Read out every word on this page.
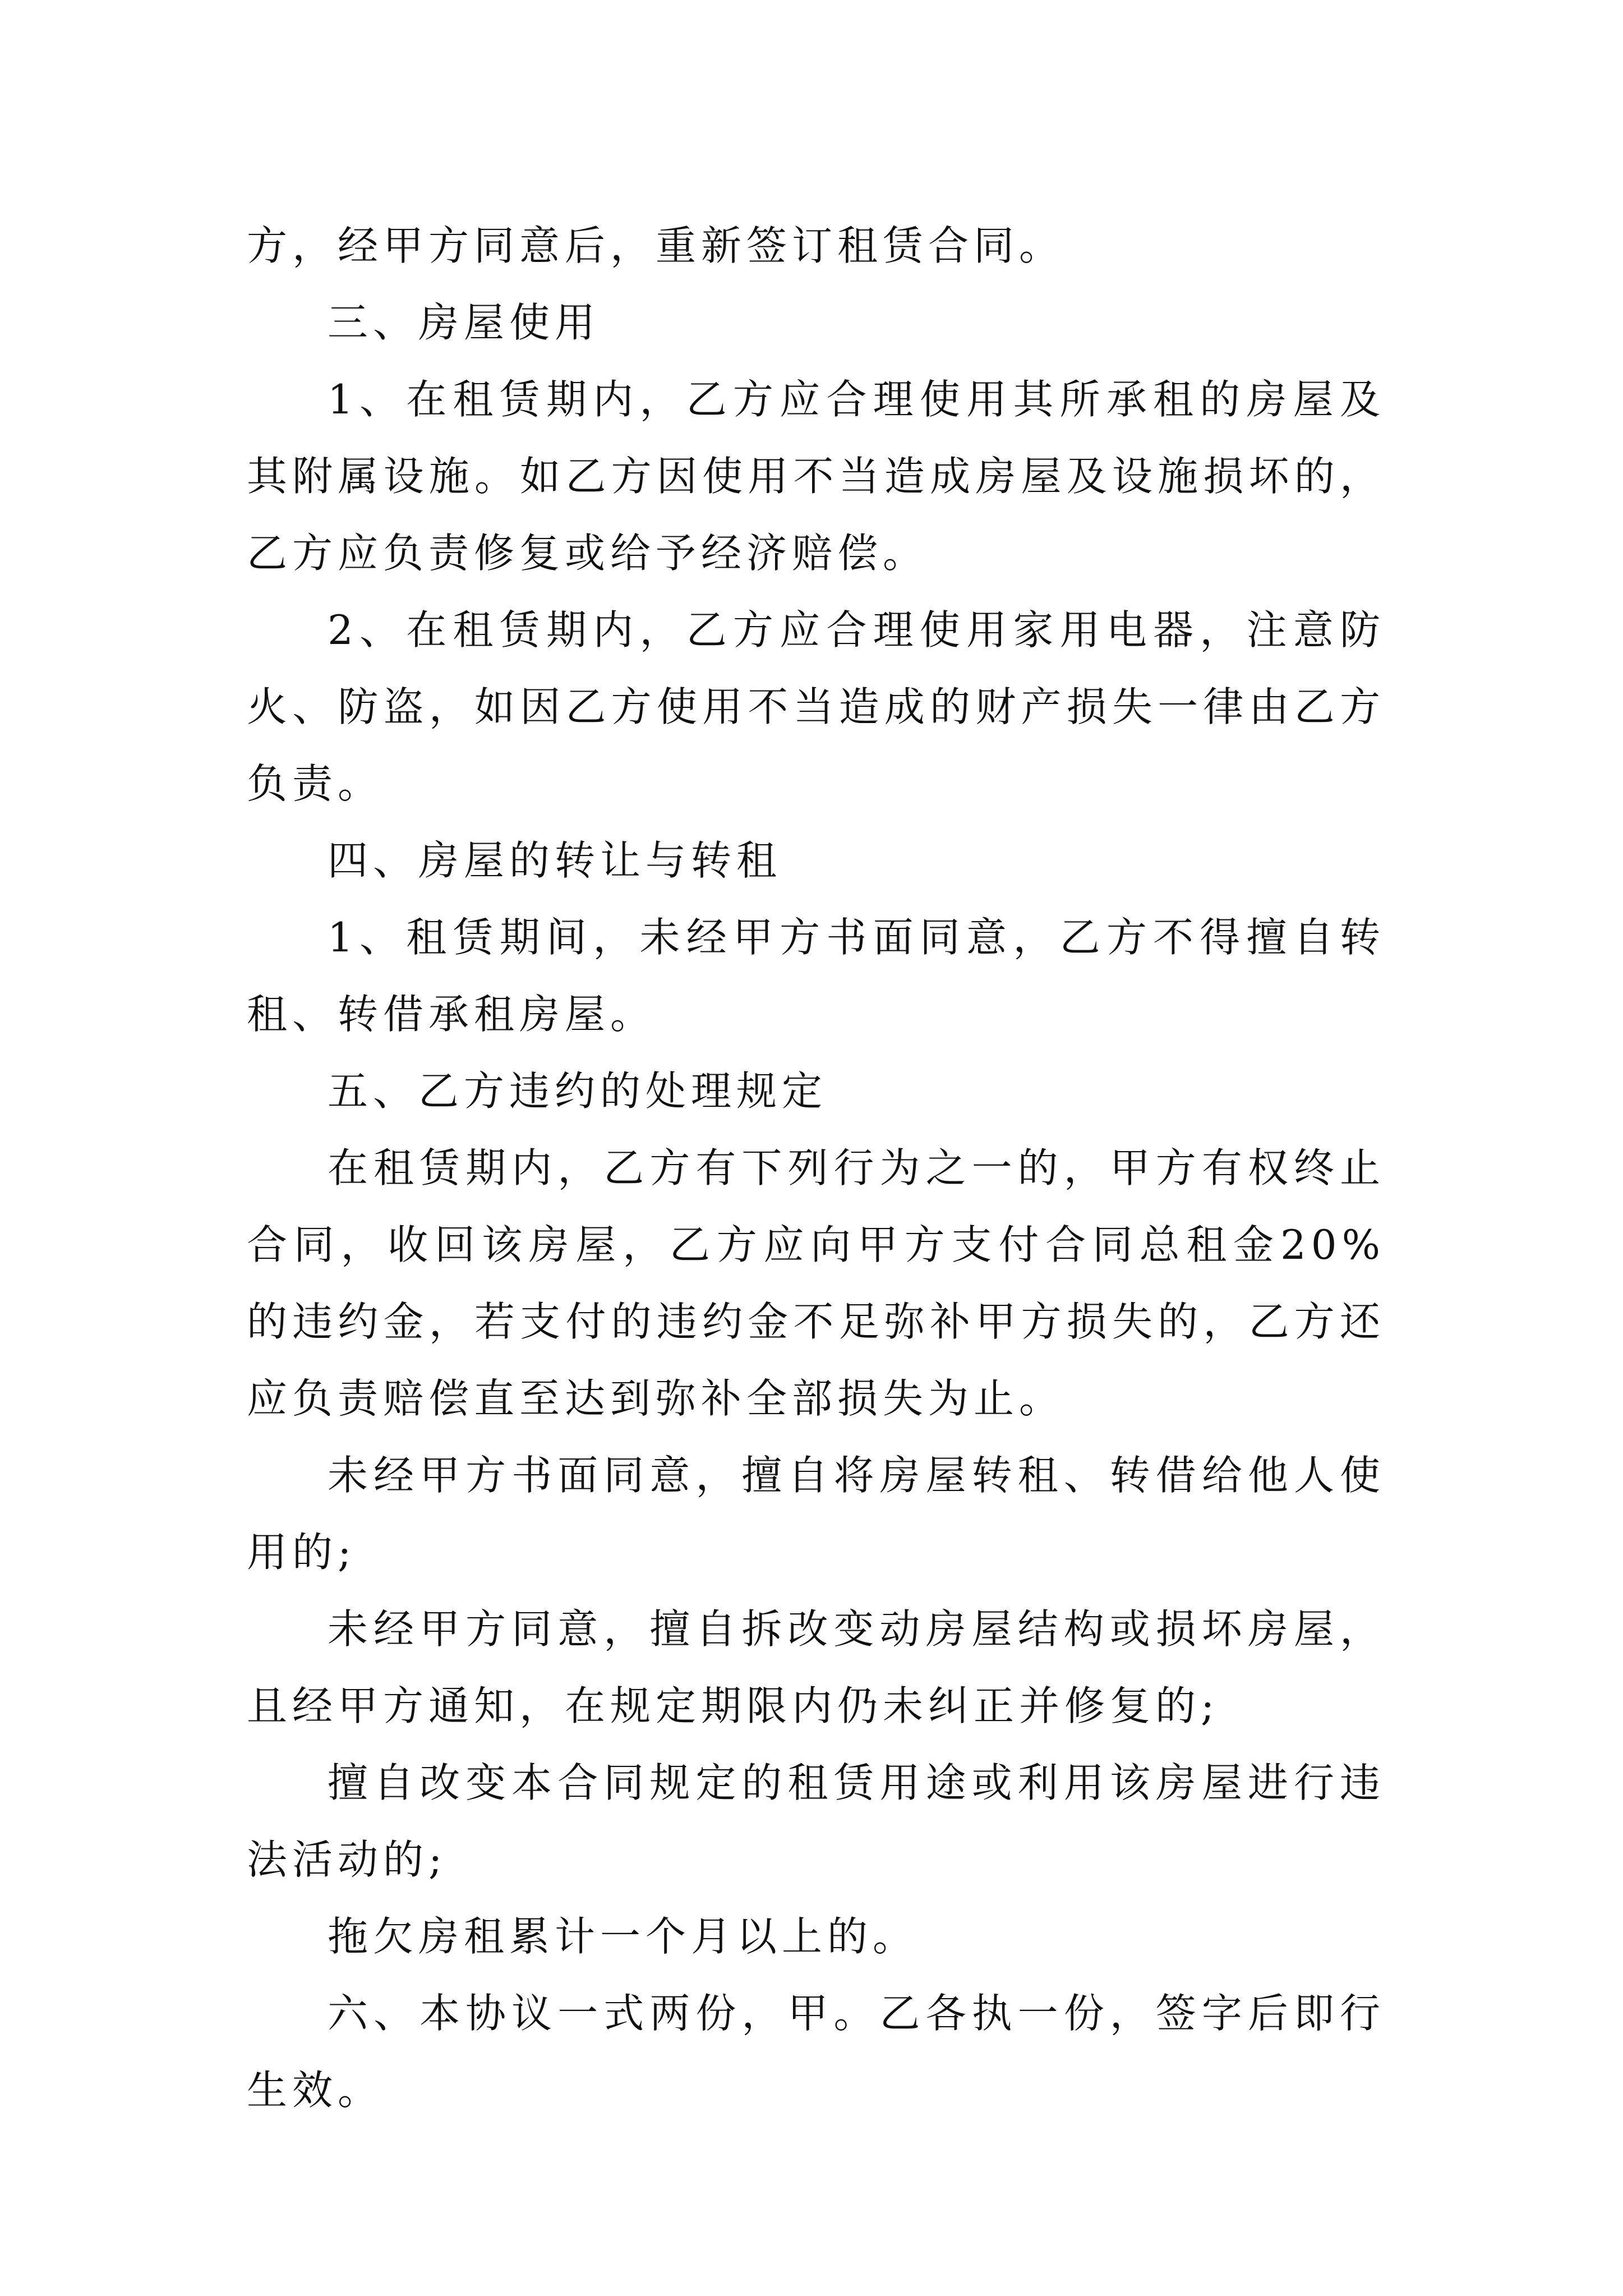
方，经甲方同意后，重新签订租赁合同。

三、房屋使用

1、在租赁期内，乙方应合理使用其所承租的房屋及其附属设施。如乙方因使用不当造成房屋及设施损坏的，乙方应负责修复或给予经济赔偿。

2、在租赁期内，乙方应合理使用家用电器，注意防火、防盗，如因乙方使用不当造成的财产损失一律由乙方负责。

四、房屋的转让与转租

1、租赁期间，未经甲方书面同意，乙方不得擅自转租、转借承租房屋。

五、乙方违约的处理规定

在租赁期内，乙方有下列行为之一的，甲方有权终止合同，收回该房屋，乙方应向甲方支付合同总租金20%的违约金，若支付的违约金不足弥补甲方损失的，乙方还应负责赔偿直至达到弥补全部损失为止。

未经甲方书面同意，擅自将房屋转租、转借给他人使用的;

未经甲方同意，擅自拆改变动房屋结构或损坏房屋，且经甲方通知，在规定期限内仍未纠正并修复的;

擅自改变本合同规定的租赁用途或利用该房屋进行违法活动的;

拖欠房租累计一个月以上的。

六、本协议一式两份，甲。乙各执一份，签字后即行生效。
